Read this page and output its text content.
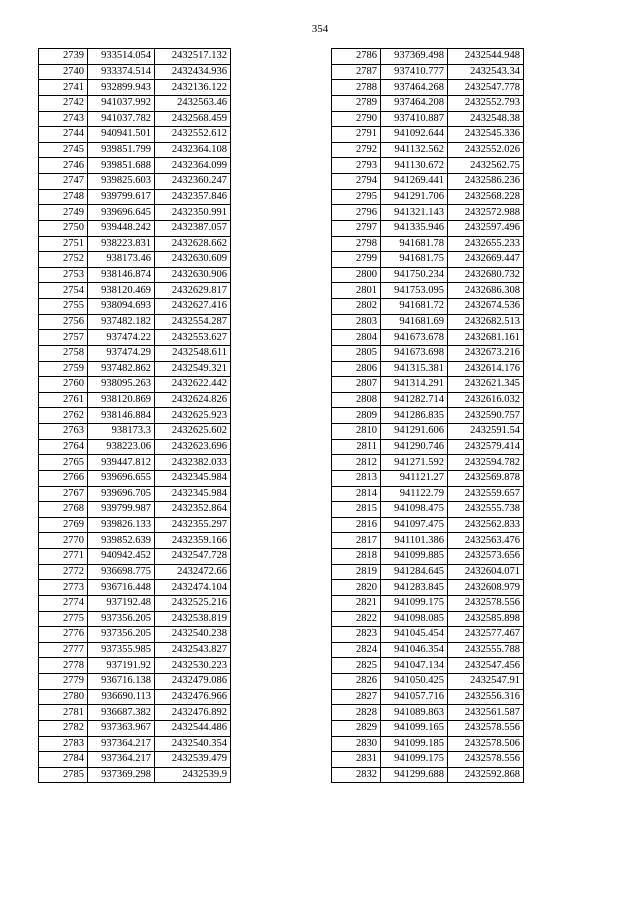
354
2739	933514.054	2432517.132
2740	933374.514	2432434.936
2741	932899.943	2432136.122
2742	941037.992	2432563.46
2743	941037.782	2432568.459
2744	940941.501	2432552.612
2745	939851.799	2432364.108
2746	939851.688	2432364.099
2747	939825.603	2432360.247
2748	939799.617	2432357.846
2749	939696.645	2432350.991
2750	939448.242	2432387.057
2751	938223.831	2432628.662
2752	938173.46	2432630.609
2753	938146.874	2432630.906
2754	938120.469	2432629.817
2755	938094.693	2432627.416
2756	937482.182	2432554.287
2757	937474.22	2432553.627
2758	937474.29	2432548.611
2759	937482.862	2432549.321
2760	938095.263	2432622.442
2761	938120.869	2432624.826
2762	938146.884	2432625.923
2763	938173.3	2432625.602
2764	938223.06	2432623.696
2765	939447.812	2432382.033
2766	939696.655	2432345.984
2767	939696.705	2432345.984
2768	939799.987	2432352.864
2769	939826.133	2432355.297
2770	939852.639	2432359.166
2771	940942.452	2432547.728
2772	936698.775	2432472.66
2773	936716.448	2432474.104
2774	937192.48	2432525.216
2775	937356.205	2432538.819
2776	937356.205	2432540.238
2777	937355.985	2432543.827
2778	937191.92	2432530.223
2779	936716.138	2432479.086
2780	936690.113	2432476.966
2781	936687.382	2432476.892
2782	937363.967	2432544.486
2783	937364.217	2432540.354
2784	937364.217	2432539.479
2785	937369.298	2432539.9
2786	937369.498	2432544.948
2787	937410.777	2432543.34
2788	937464.268	2432547.778
2789	937464.208	2432552.793
2790	937410.887	2432548.38
2791	941092.644	2432545.336
2792	941132.562	2432552.026
2793	941130.672	2432562.75
2794	941269.441	2432586.236
2795	941291.706	2432568.228
2796	941321.143	2432572.988
2797	941335.946	2432597.496
2798	941681.78	2432655.233
2799	941681.75	2432669.447
2800	941750.234	2432680.732
2801	941753.095	2432686.308
2802	941681.72	2432674.536
2803	941681.69	2432682.513
2804	941673.678	2432681.161
2805	941673.698	2432673.216
2806	941315.381	2432614.176
2807	941314.291	2432621.345
2808	941282.714	2432616.032
2809	941286.835	2432590.757
2810	941291.606	2432591.54
2811	941290.746	2432579.414
2812	941271.592	2432594.782
2813	941121.27	2432569.878
2814	941122.79	2432559.657
2815	941098.475	2432555.738
2816	941097.475	2432562.833
2817	941101.386	2432563.476
2818	941099.885	2432573.656
2819	941284.645	2432604.071
2820	941283.845	2432608.979
2821	941099.175	2432578.556
2822	941098.085	2432585.898
2823	941045.454	2432577.467
2824	941046.354	2432555.788
2825	941047.134	2432547.456
2826	941050.425	2432547.91
2827	941057.716	2432556.316
2828	941089.863	2432561.587
2829	941099.165	2432578.556
2830	941099.185	2432578.506
2831	941099.175	2432578.556
2832	941299.688	2432592.868
